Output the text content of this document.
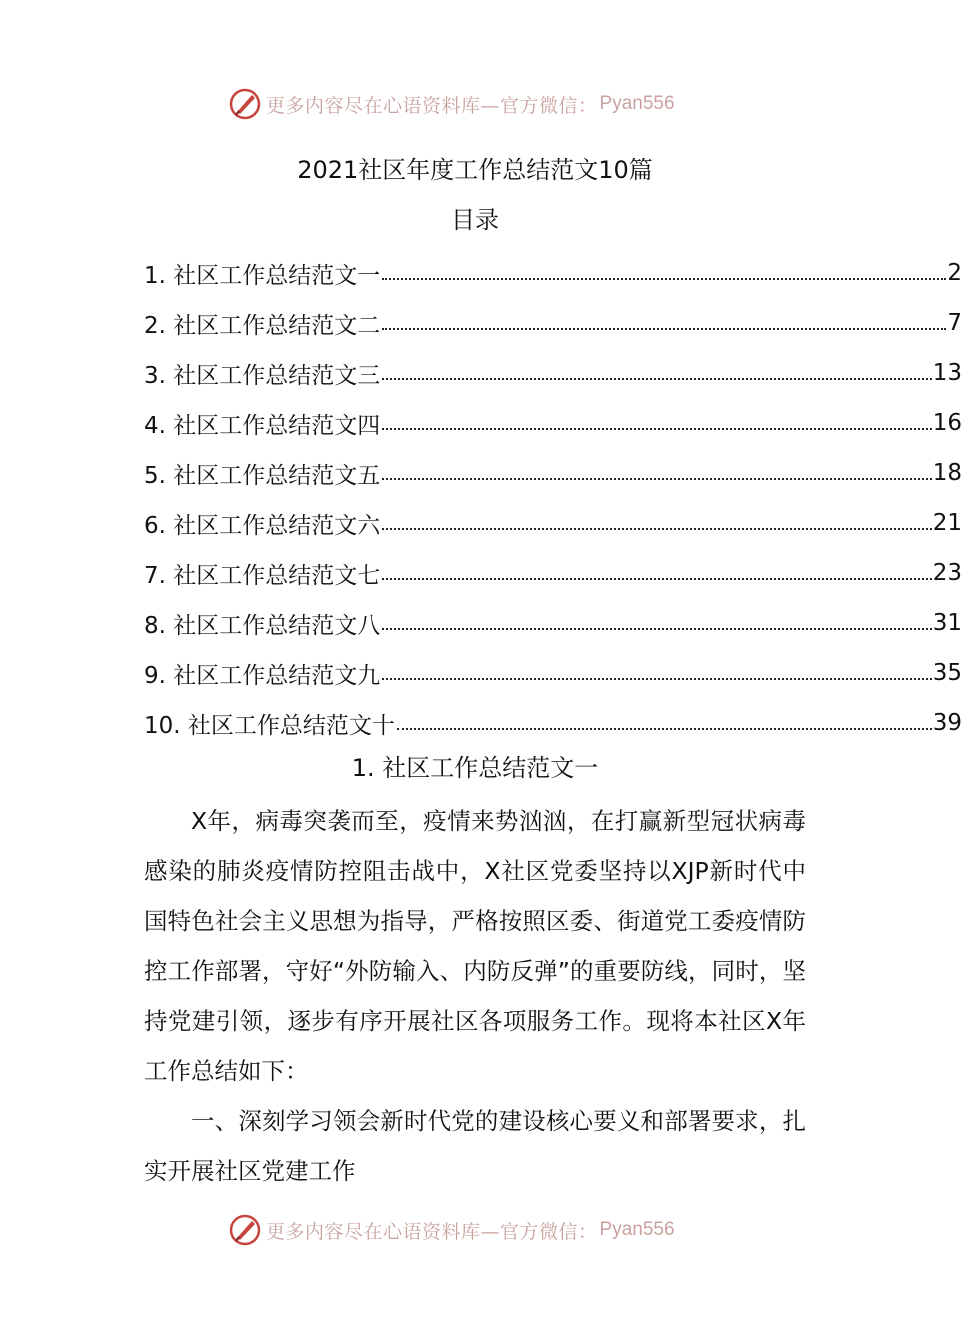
更多内容尽在心语资料库—官方微信： Pyan556
2021社区年度工作总结范文10篇
目录
1. 社区工作总结范文一	2
2. 社区工作总结范文二	7
3. 社区工作总结范文三	13
4. 社区工作总结范文四	16
5. 社区工作总结范文五	18
6. 社区工作总结范文六	21
7. 社区工作总结范文七	23
8. 社区工作总结范文八	31
9. 社区工作总结范文九	35
10. 社区工作总结范文十	39
1. 社区工作总结范文一

X年，病毒突袭而至，疫情来势汹汹，在打赢新型冠状病毒感染的肺炎疫情防控阻击战中，X社区党委坚持以XJP新时代中国特色社会主义思想为指导，严格按照区委、街道党工委疫情防控工作部署，守好“外防输入、内防反弹”的重要防线，同时，坚持党建引领，逐步有序开展社区各项服务工作。现将本社区X年工作总结如下：

一、深刻学习领会新时代党的建设核心要义和部署要求，扎实开展社区党建工作

更多内容尽在心语资料库—官方微信： Pyan556
